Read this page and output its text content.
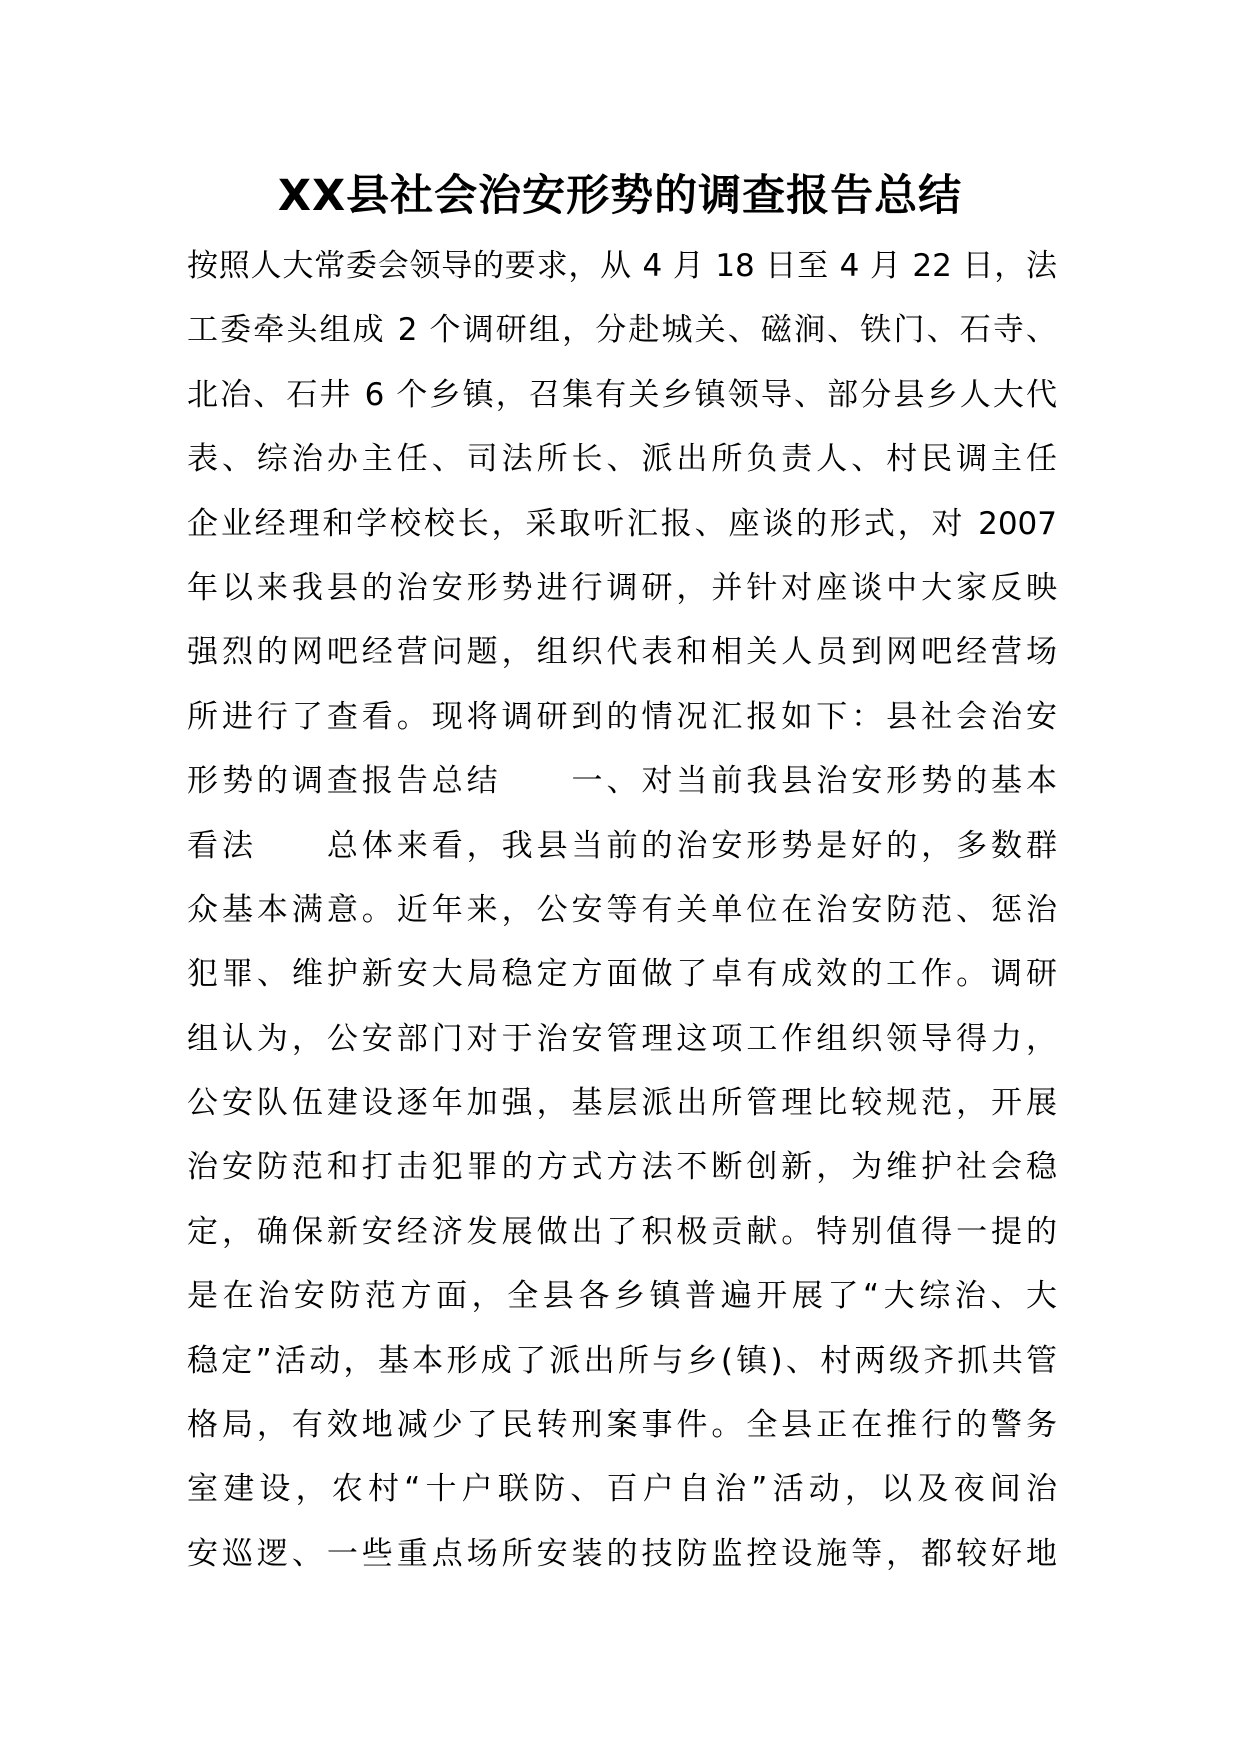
XX县社会治安形势的调查报告总结
按照人大常委会领导的要求，从 4 月 18 日至 4 月 22 日，法
工委牵头组成 2 个调研组，分赴城关、磁涧、铁门、石寺、
北冶、石井 6 个乡镇，召集有关乡镇领导、部分县乡人大代
表、综治办主任、司法所长、派出所负责人、村民调主任
企业经理和学校校长，采取听汇报、座谈的形式，对 2007
年以来我县的治安形势进行调研，并针对座谈中大家反映
强烈的网吧经营问题，组织代表和相关人员到网吧经营场
所进行了查看。现将调研到的情况汇报如下：县社会治安
形势的调查报告总结　　一、对当前我县治安形势的基本
看法　　总体来看，我县当前的治安形势是好的，多数群
众基本满意。近年来，公安等有关单位在治安防范、惩治
犯罪、维护新安大局稳定方面做了卓有成效的工作。调研
组认为，公安部门对于治安管理这项工作组织领导得力，
公安队伍建设逐年加强，基层派出所管理比较规范，开展
治安防范和打击犯罪的方式方法不断创新，为维护社会稳
定，确保新安经济发展做出了积极贡献。特别值得一提的
是在治安防范方面，全县各乡镇普遍开展了“大综治、大
稳定”活动，基本形成了派出所与乡(镇)、村两级齐抓共管
格局，有效地减少了民转刑案事件。全县正在推行的警务
室建设，农村“十户联防、百户自治”活动，以及夜间治
安巡逻、一些重点场所安装的技防监控设施等，都较好地
